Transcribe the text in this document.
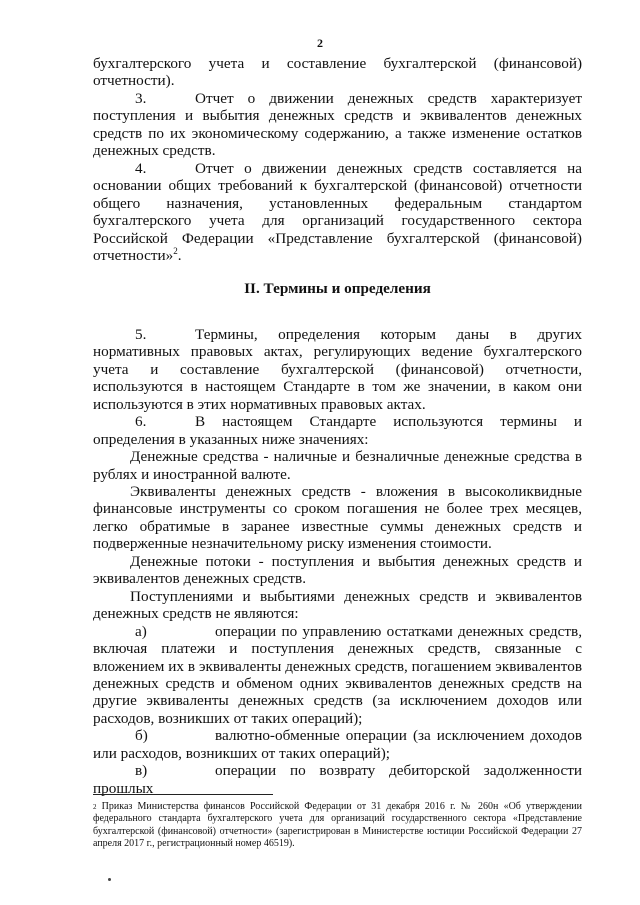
2

бухгалтерского учета и составление бухгалтерской (финансовой) отчетности).

3.	Отчет о движении денежных средств характеризует поступления и выбытия денежных средств и эквивалентов денежных средств по их экономическому содержанию, а также изменение остатков денежных средств.

4.	Отчет о движении денежных средств составляется на основании общих требований к бухгалтерской (финансовой) отчетности общего назначения, установленных федеральным стандартом бухгалтерского учета для организаций государственного сектора Российской Федерации «Представление бухгалтерской (финансовой) отчетности»$^2$.

II. Термины и определения

5.	Термины, определения которым даны в других нормативных правовых актах, регулирующих ведение бухгалтерского учета и составление бухгалтерской (финансовой) отчетности, используются в настоящем Стандарте в том же значении, в каком они используются в этих нормативных правовых актах.

6.	В настоящем Стандарте используются термины и определения в указанных ниже значениях:

Денежные средства - наличные и безналичные денежные средства в рублях и иностранной валюте.

Эквиваленты денежных средств - вложения в высоколиквидные финансовые инструменты со сроком погашения не более трех месяцев, легко обратимые в заранее известные суммы денежных средств и подверженные незначительному риску изменения стоимости.

Денежные потоки - поступления и выбытия денежных средств и эквивалентов денежных средств.

Поступлениями и выбытиями денежных средств и эквивалентов денежных средств не являются:

а)	операции по управлению остатками денежных средств, включая платежи и поступления денежных средств, связанные с вложением их в эквиваленты денежных средств, погашением эквивалентов денежных средств и обменом одних эквивалентов денежных средств на другие эквиваленты денежных средств (за исключением доходов или расходов, возникших от таких операций);

б)	валютно-обменные операции (за исключением доходов или расходов, возникших от таких операций);

в)	операции по возврату дебиторской задолженности прошлых

$^2$ Приказ Министерства финансов Российской Федерации от 31 декабря 2016 г. № 260н «Об утверждении федерального стандарта бухгалтерского учета для организаций государственного сектора «Представление бухгалтерской (финансовой) отчетности» (зарегистрирован в Министерстве юстиции Российской Федерации 27 апреля 2017 г., регистрационный номер 46519).
